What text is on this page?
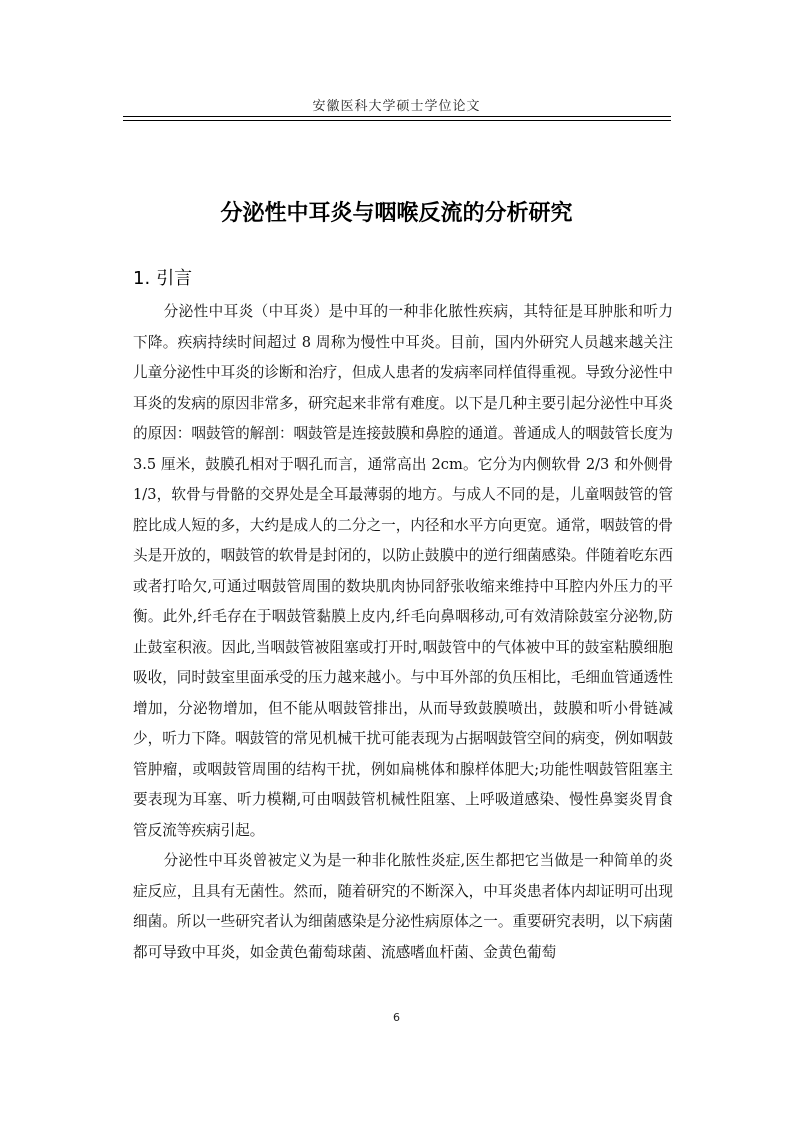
安徽医科大学硕士学位论文
分泌性中耳炎与咽喉反流的分析研究
1. 引言

分泌性中耳炎（中耳炎）是中耳的一种非化脓性疾病，其特征是耳肿胀和听力下降。疾病持续时间超过 8 周称为慢性中耳炎。目前，国内外研究人员越来越关注儿童分泌性中耳炎的诊断和治疗，但成人患者的发病率同样值得重视。导致分泌性中耳炎的发病的原因非常多，研究起来非常有难度。以下是几种主要引起分泌性中耳炎的原因：咽鼓管的解剖：咽鼓管是连接鼓膜和鼻腔的通道。普通成人的咽鼓管长度为 3.5 厘米，鼓膜孔相对于咽孔而言，通常高出 2cm。它分为内侧软骨 2/3 和外侧骨 1/3，软骨与骨骼的交界处是全耳最薄弱的地方。与成人不同的是，儿童咽鼓管的管腔比成人短的多，大约是成人的二分之一，内径和水平方向更宽。通常，咽鼓管的骨头是开放的，咽鼓管的软骨是封闭的，以防止鼓膜中的逆行细菌感染。伴随着吃东西或者打哈欠,可通过咽鼓管周围的数块肌肉协同舒张收缩来维持中耳腔内外压力的平衡。此外,纤毛存在于咽鼓管黏膜上皮内,纤毛向鼻咽移动,可有效清除鼓室分泌物,防止鼓室积液。因此,当咽鼓管被阻塞或打开时,咽鼓管中的气体被中耳的鼓室粘膜细胞吸收，同时鼓室里面承受的压力越来越小。与中耳外部的负压相比，毛细血管通透性增加，分泌物增加，但不能从咽鼓管排出，从而导致鼓膜喷出，鼓膜和听小骨链减少，听力下降。咽鼓管的常见机械干扰可能表现为占据咽鼓管空间的病变，例如咽鼓管肿瘤，或咽鼓管周围的结构干扰，例如扁桃体和腺样体肥大;功能性咽鼓管阻塞主要表现为耳塞、听力模糊,可由咽鼓管机械性阻塞、上呼吸道感染、慢性鼻窦炎胃食管反流等疾病引起。

分泌性中耳炎曾被定义为是一种非化脓性炎症,医生都把它当做是一种简单的炎症反应，且具有无菌性。然而，随着研究的不断深入，中耳炎患者体内却证明可出现细菌。所以一些研究者认为细菌感染是分泌性病原体之一。重要研究表明，以下病菌都可导致中耳炎，如金黄色葡萄球菌、流感嗜血杆菌、金黄色葡萄

6
